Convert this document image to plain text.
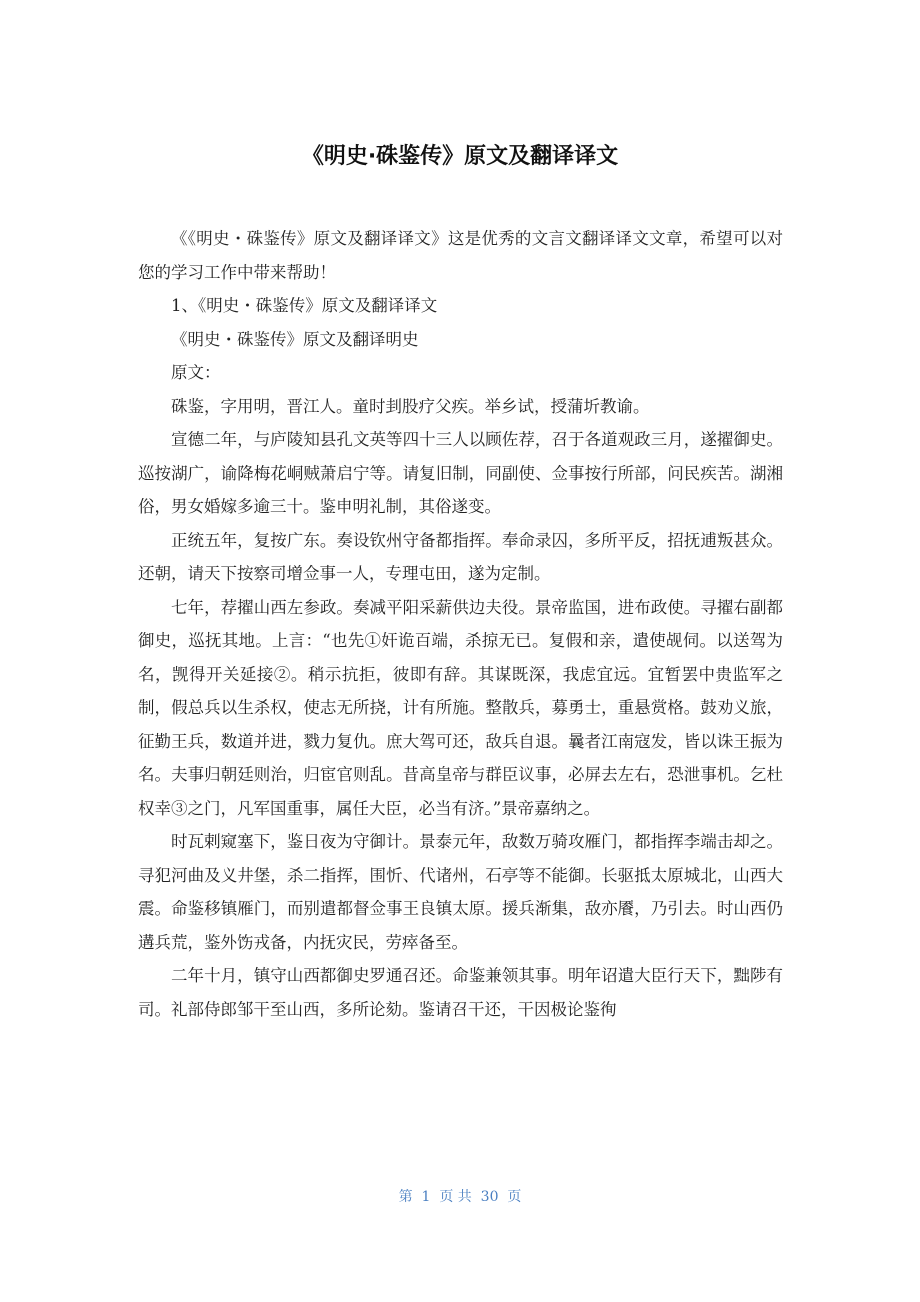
《明史·硃鉴传》原文及翻译译文

《《明史・硃鉴传》原文及翻译译文》这是优秀的文言文翻译译文文章，希望可以对您的学习工作中带来帮助！

1、《明史・硃鉴传》原文及翻译译文

《明史・硃鉴传》原文及翻译明史

原文：

硃鉴，字用明，晋江人。童时刲股疗父疾。举乡试，授蒲圻教谕。

宣德二年，与庐陵知县孔文英等四十三人以顾佐荐，召于各道观政三月，遂擢御史。巡按湖广，谕降梅花峒贼萧启宁等。请复旧制，同副使、佥事按行所部，问民疾苦。湖湘俗，男女婚嫁多逾三十。鉴申明礼制，其俗遂变。

正统五年，复按广东。奏设钦州守备都指挥。奉命录囚，多所平反，招抚逋叛甚众。还朝，请天下按察司增佥事一人，专理屯田，遂为定制。

七年，荐擢山西左参政。奏减平阳采薪供边夫役。景帝监国，进布政使。寻擢右副都御史，巡抚其地。上言：“也先①奸诡百端，杀掠无已。复假和亲，遣使觇伺。以送驾为名，觊得开关延接②。稍示抗拒，彼即有辞。其谋既深，我虑宜远。宜暂罢中贵监军之制，假总兵以生杀权，使志无所挠，计有所施。整散兵，募勇士，重悬赏格。鼓劝义旅，征勤王兵，数道并进，戮力复仇。庶大驾可还，敌兵自退。曩者江南寇发，皆以诛王振为名。夫事归朝廷则治，归宦官则乱。昔高皇帝与群臣议事，必屏去左右，恐泄事机。乞杜权幸③之门，凡军国重事，属任大臣，必当有济。”景帝嘉纳之。

时瓦剌窥塞下，鉴日夜为守御计。景泰元年，敌数万骑攻雁门，都指挥李端击却之。寻犯河曲及义井堡，杀二指挥，围忻、代诸州，石亭等不能御。长驱抵太原城北，山西大震。命鉴移镇雁门，而别遣都督佥事王良镇太原。援兵渐集，敌亦餍，乃引去。时山西仍遘兵荒，鉴外饬戎备，内抚灾民，劳瘁备至。

二年十月，镇守山西都御史罗通召还。命鉴兼领其事。明年诏遣大臣行天下，黜陟有司。礼部侍郎邹干至山西，多所论劾。鉴请召干还，干因极论鉴徇

第  1  页 共  30  页
